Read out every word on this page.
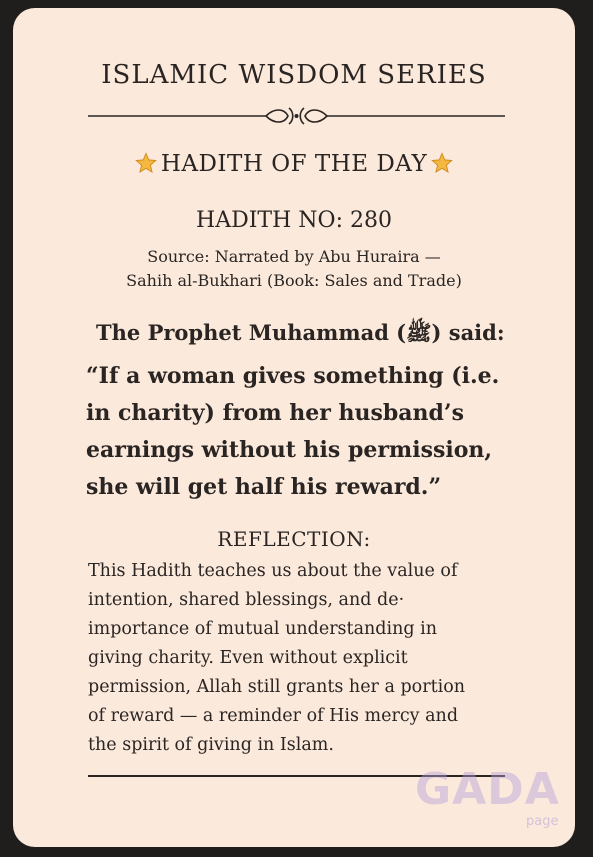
ISLAMIC WISDOM SERIES
HADITH OF THE DAY
HADITH NO: 280
Source: Narrated by Abu Huraira —
Sahih al-Bukhari (Book: Sales and Trade)
The Prophet Muhammad (ﷺ) said:
“If a woman gives something (i.e.
in charity) from her husband’s
earnings without his permission,
she will get half his reward.”
REFLECTION:
This Hadith teaches us about the value of
intention, shared blessings, and de·
importance of mutual understanding in
giving charity. Even without explicit
permission, Allah still grants her a portion
of reward — a reminder of His mercy and
the spirit of giving in Islam.
GADA
page
